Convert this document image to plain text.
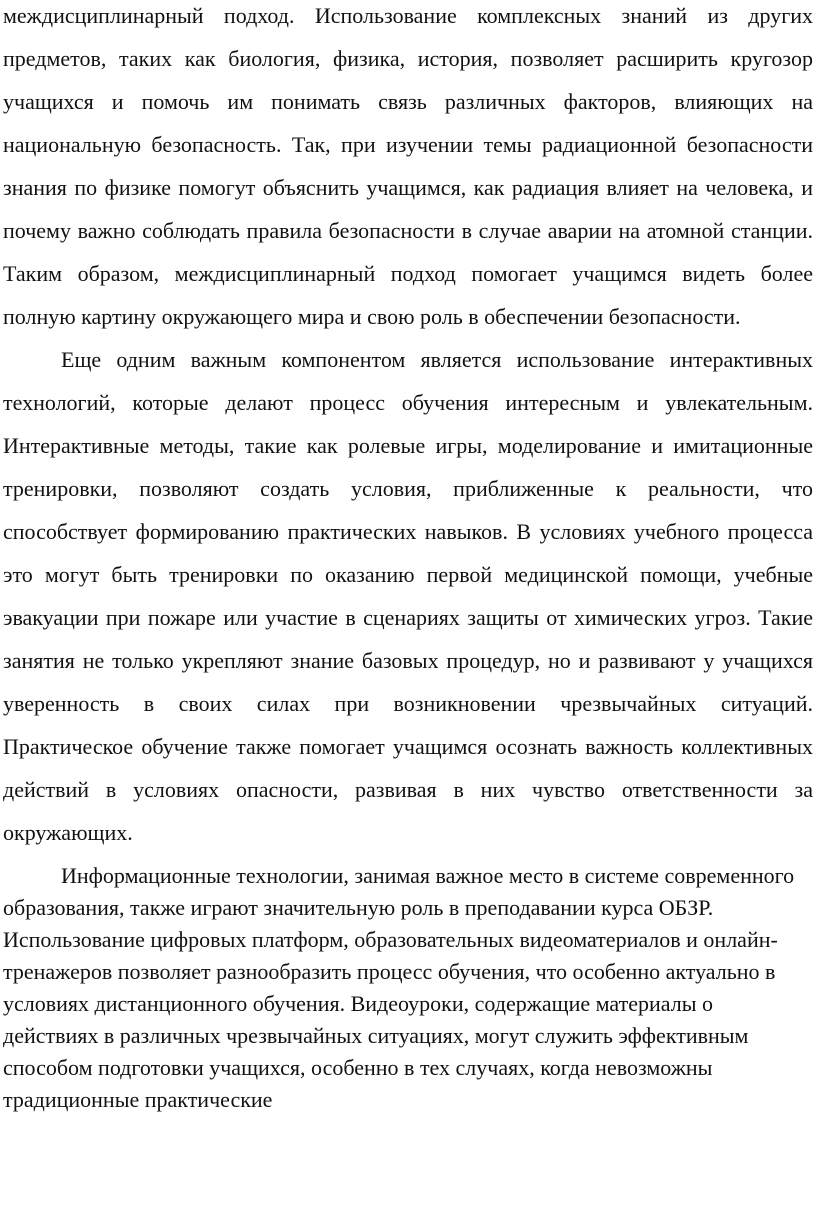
междисциплинарный подход. Использование комплексных знаний из других предметов, таких как биология, физика, история, позволяет расширить кругозор учащихся и помочь им понимать связь различных факторов, влияющих на национальную безопасность. Так, при изучении темы радиационной безопасности знания по физике помогут объяснить учащимся, как радиация влияет на человека, и почему важно соблюдать правила безопасности в случае аварии на атомной станции. Таким образом, междисциплинарный подход помогает учащимся видеть более полную картину окружающего мира и свою роль в обеспечении безопасности.

Еще одним важным компонентом является использование интерактивных технологий, которые делают процесс обучения интересным и увлекательным. Интерактивные методы, такие как ролевые игры, моделирование и имитационные тренировки, позволяют создать условия, приближенные к реальности, что способствует формированию практических навыков. В условиях учебного процесса это могут быть тренировки по оказанию первой медицинской помощи, учебные эвакуации при пожаре или участие в сценариях защиты от химических угроз. Такие занятия не только укрепляют знание базовых процедур, но и развивают у учащихся уверенность в своих силах при возникновении чрезвычайных ситуаций. Практическое обучение также помогает учащимся осознать важность коллективных действий в условиях опасности, развивая в них чувство ответственности за окружающих.

Информационные технологии, занимая важное место в системе современного образования, также играют значительную роль в преподавании курса ОБЗР. Использование цифровых платформ, образовательных видеоматериалов и онлайн-тренажеров позволяет разнообразить процесс обучения, что особенно актуально в условиях дистанционного обучения. Видеоуроки, содержащие материалы о действиях в различных чрезвычайных ситуациях, могут служить эффективным способом подготовки учащихся, особенно в тех случаях, когда невозможны традиционные практические
